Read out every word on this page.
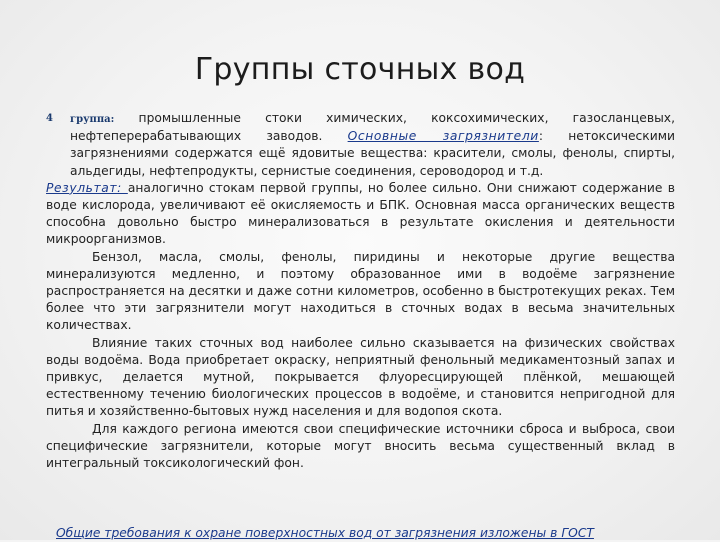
Группы сточных вод
4	группа: промышленные стоки химических, коксохимических, газосланцевых, нефтеперерабатывающих заводов. Основные загрязнители: нетоксическими загрязнениями содержатся ещё ядовитые вещества: красители, смолы, фенолы, спирты, альдегиды, нефтепродукты, сернистые соединения, сероводород и т.д.

Результат: аналогично стокам первой группы, но более сильно. Они снижают содержание в воде кислорода, увеличивают её окисляемость и БПК. Основная масса органических веществ способна довольно быстро минерализоваться в результате окисления и деятельности микроорганизмов.

Бензол, масла, смолы, фенолы, пиридины и некоторые другие вещества минерализуются медленно, и поэтому образованное ими в водоёме загрязнение распространяется на десятки и даже сотни километров, особенно в быстротекущих реках. Тем более что эти загрязнители могут находиться в сточных водах в весьма значительных количествах.

Влияние таких сточных вод наиболее сильно сказывается на физических свойствах воды водоёма. Вода приобретает окраску, неприятный фенольный медикаментозный запах и привкус, делается мутной, покрывается флуоресцирующей плёнкой, мешающей естественному течению биологических процессов в водоёме, и становится непригодной для питья и хозяйственно-бытовых нужд населения и для водопоя скота.

Для каждого региона имеются свои специфические источники сброса и выброса, свои специфические загрязнители, которые могут вносить весьма существенный вклад в интегральный токсикологический фон.

Общие требования к охране поверхностных вод от загрязнения изложены в ГОСТ
